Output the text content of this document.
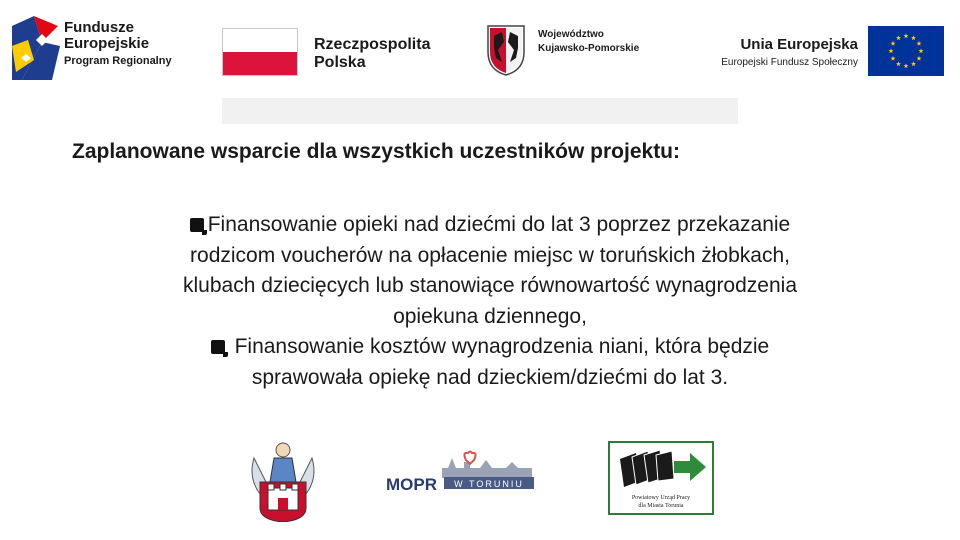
Fundusze
Europejskie
Program Regionalny
Rzeczpospolita
Polska
Województwo
Kujawsko-Pomorskie	Unia Europejska
Europejski Fundusz Społeczny
Zaplanowane wsparcie dla wszystkich uczestników projektu:

Finansowanie opieki nad dziećmi do lat 3 poprzez przekazanie
rodzicom voucherów na opłacenie miejsc w toruńskich żłobkach,
klubach dziecięcych lub stanowiące równowartość wynagrodzenia
opiekuna dziennego,

Finansowanie kosztów wynagrodzenia niani, która będzie
sprawowała opiekę nad dzieckiem/dziećmi do lat 3.

MOPR W TORUNIU
Powiatowy Urząd Pracy
dla Miasta Torunia
